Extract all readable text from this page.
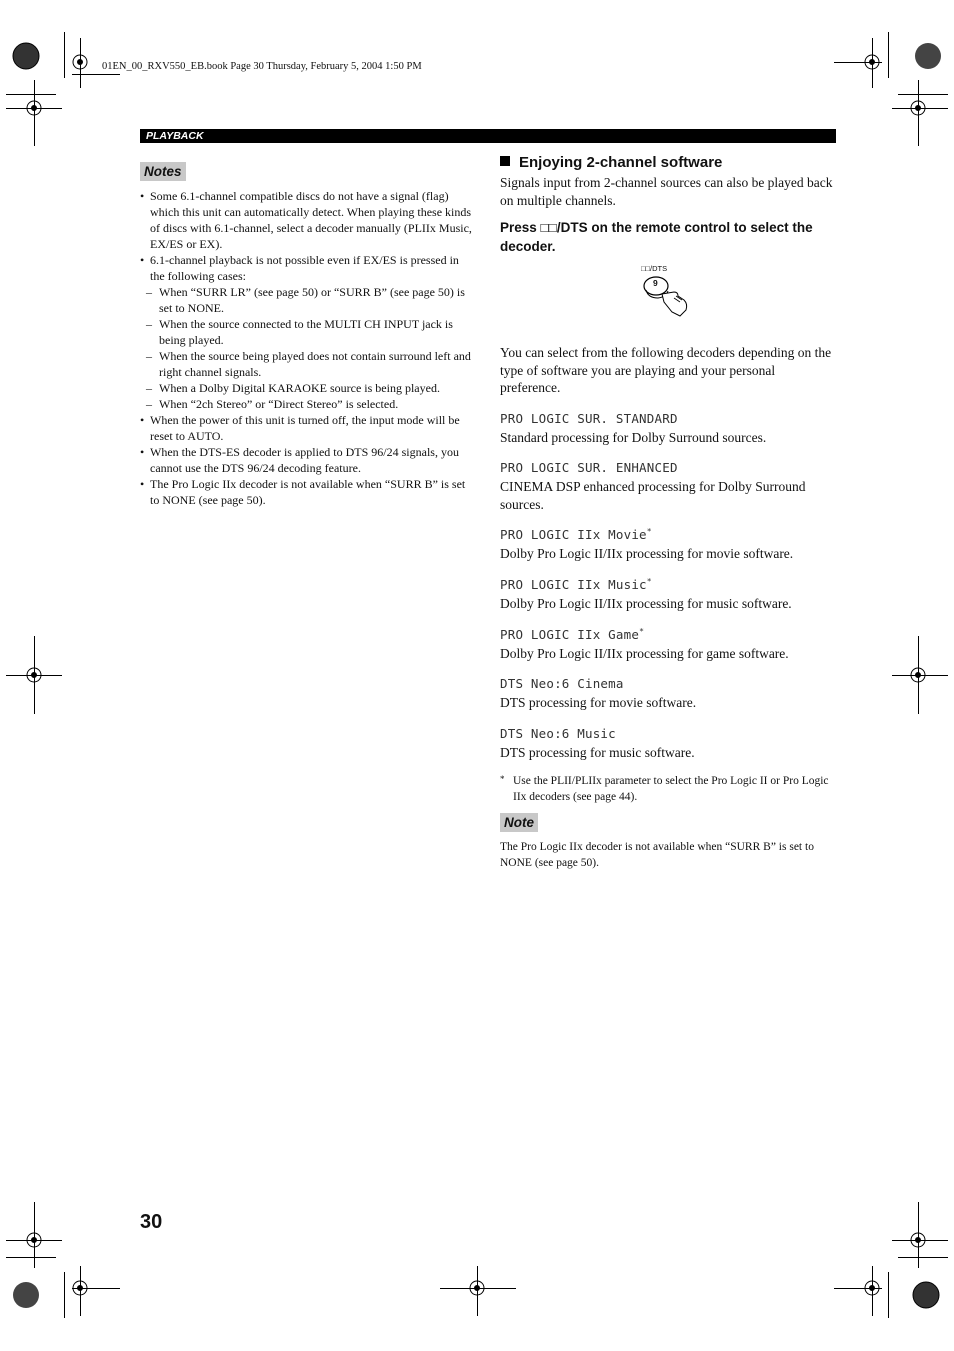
01EN_00_RXV550_EB.book Page 30 Thursday, February 5, 2004 1:50 PM
PLAYBACK
Notes
• Some 6.1-channel compatible discs do not have a signal (flag) which this unit can automatically detect. When playing these kinds of discs with 6.1-channel, select a decoder manually (PLIIx Music, EX/ES or EX).
• 6.1-channel playback is not possible even if EX/ES is pressed in the following cases:
– When “SURR LR” (see page 50) or “SURR B” (see page 50) is set to NONE.
– When the source connected to the MULTI CH INPUT jack is being played.
– When the source being played does not contain surround left and right channel signals.
– When a Dolby Digital KARAOKE source is being played.
– When “2ch Stereo” or “Direct Stereo” is selected.
• When the power of this unit is turned off, the input mode will be reset to AUTO.
• When the DTS-ES decoder is applied to DTS 96/24 signals, you cannot use the DTS 96/24 decoding feature.
• The Pro Logic IIx decoder is not available when “SURR B” is set to NONE (see page 50).

Enjoying 2-channel software

Signals input from 2-channel sources can also be played back on multiple channels.

Press □□/DTS on the remote control to select the decoder.

□□/DTS
9

You can select from the following decoders depending on the type of software you are playing and your personal preference.

PRO LOGIC SUR. STANDARD

Standard processing for Dolby Surround sources.

PRO LOGIC SUR. ENHANCED

CINEMA DSP enhanced processing for Dolby Surround sources.

PRO LOGIC IIx Movie*

Dolby Pro Logic II/IIx processing for movie software.

PRO LOGIC IIx Music*

Dolby Pro Logic II/IIx processing for music software.

PRO LOGIC IIx Game*

Dolby Pro Logic II/IIx processing for game software.

DTS Neo:6 Cinema

DTS processing for movie software.

DTS Neo:6 Music

DTS processing for music software.

* Use the PLII/PLIIx parameter to select the Pro Logic II or Pro Logic IIx decoders (see page 44).

Note

The Pro Logic IIx decoder is not available when “SURR B” is set to NONE (see page 50).

30
